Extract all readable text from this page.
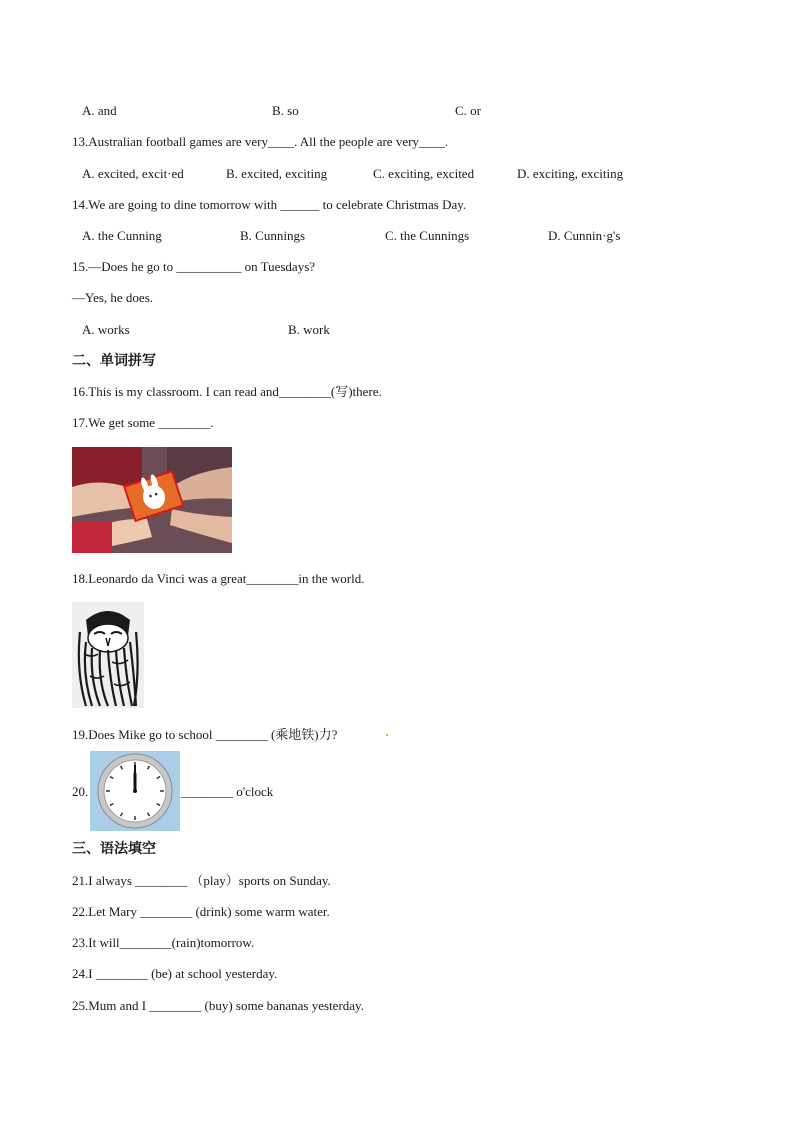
A. and	B. so	C. or
13.Australian football games are very____. All the people are very____.
A. excited, excit·ed	B. excited, exciting	C. exciting, excited	D. exciting, exciting
14.We are going to dine tomorrow with ______ to celebrate Christmas Day.
A. the Cunning	B. Cunnings	C. the Cunnings	D. Cunnin·g's
15.—Does he go to __________ on Tuesdays?
—Yes, he does.
A. works	B. work
二、单词拼写
16.This is my classroom. I can read and________(写)there.
17.We get some ________.
18.Leonardo da Vinci was a great________in the world.
19.Does Mike go to school ________ (乘地铁)力?
20.	________ o'clock
三、语法填空
21.I always ________ （play）sports on Sunday.
22.Let Mary ________ (drink) some warm water.
23.It will________(rain)tomorrow.
24.I ________ (be) at school yesterday.
25.Mum and I ________ (buy) some bananas yesterday.
